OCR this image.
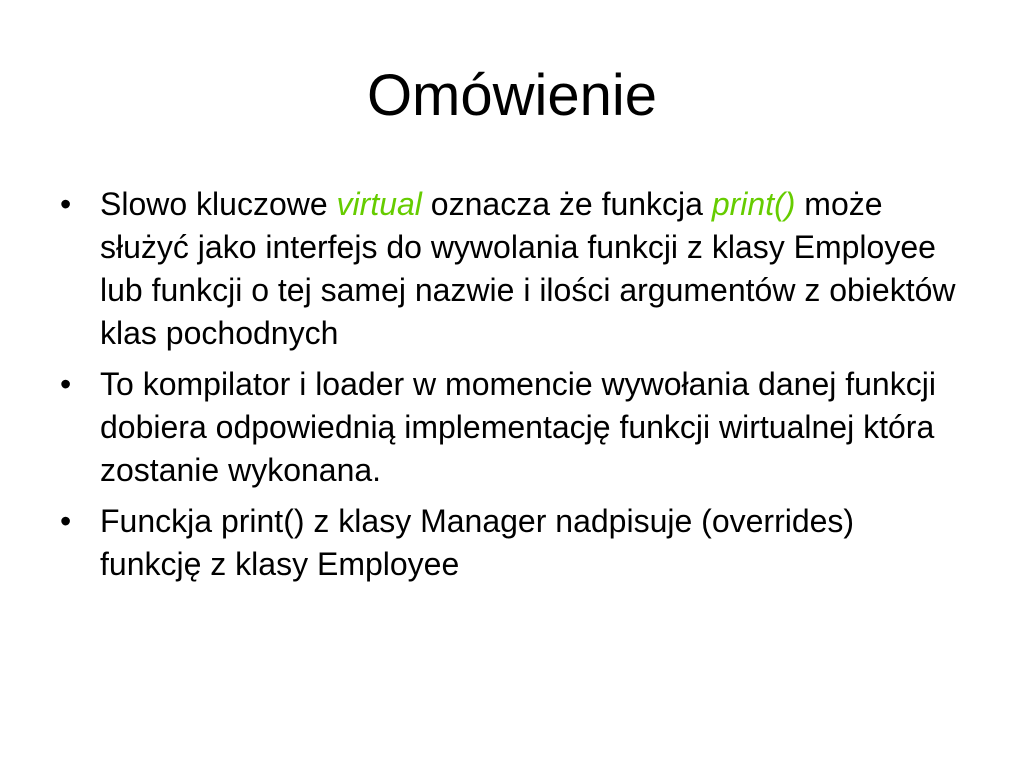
Omówienie
• Slowo kluczowe virtual oznacza że funkcja print() może służyć jako interfejs do wywolania funkcji z klasy Employee lub funkcji o tej samej nazwie i ilości argumentów z obiektów klas pochodnych
• To kompilator i loader w momencie wywołania danej funkcji dobiera odpowiednią implementację funkcji wirtualnej która zostanie wykonana.
• Funckja print() z klasy Manager nadpisuje (overrides) funkcję z klasy Employee
